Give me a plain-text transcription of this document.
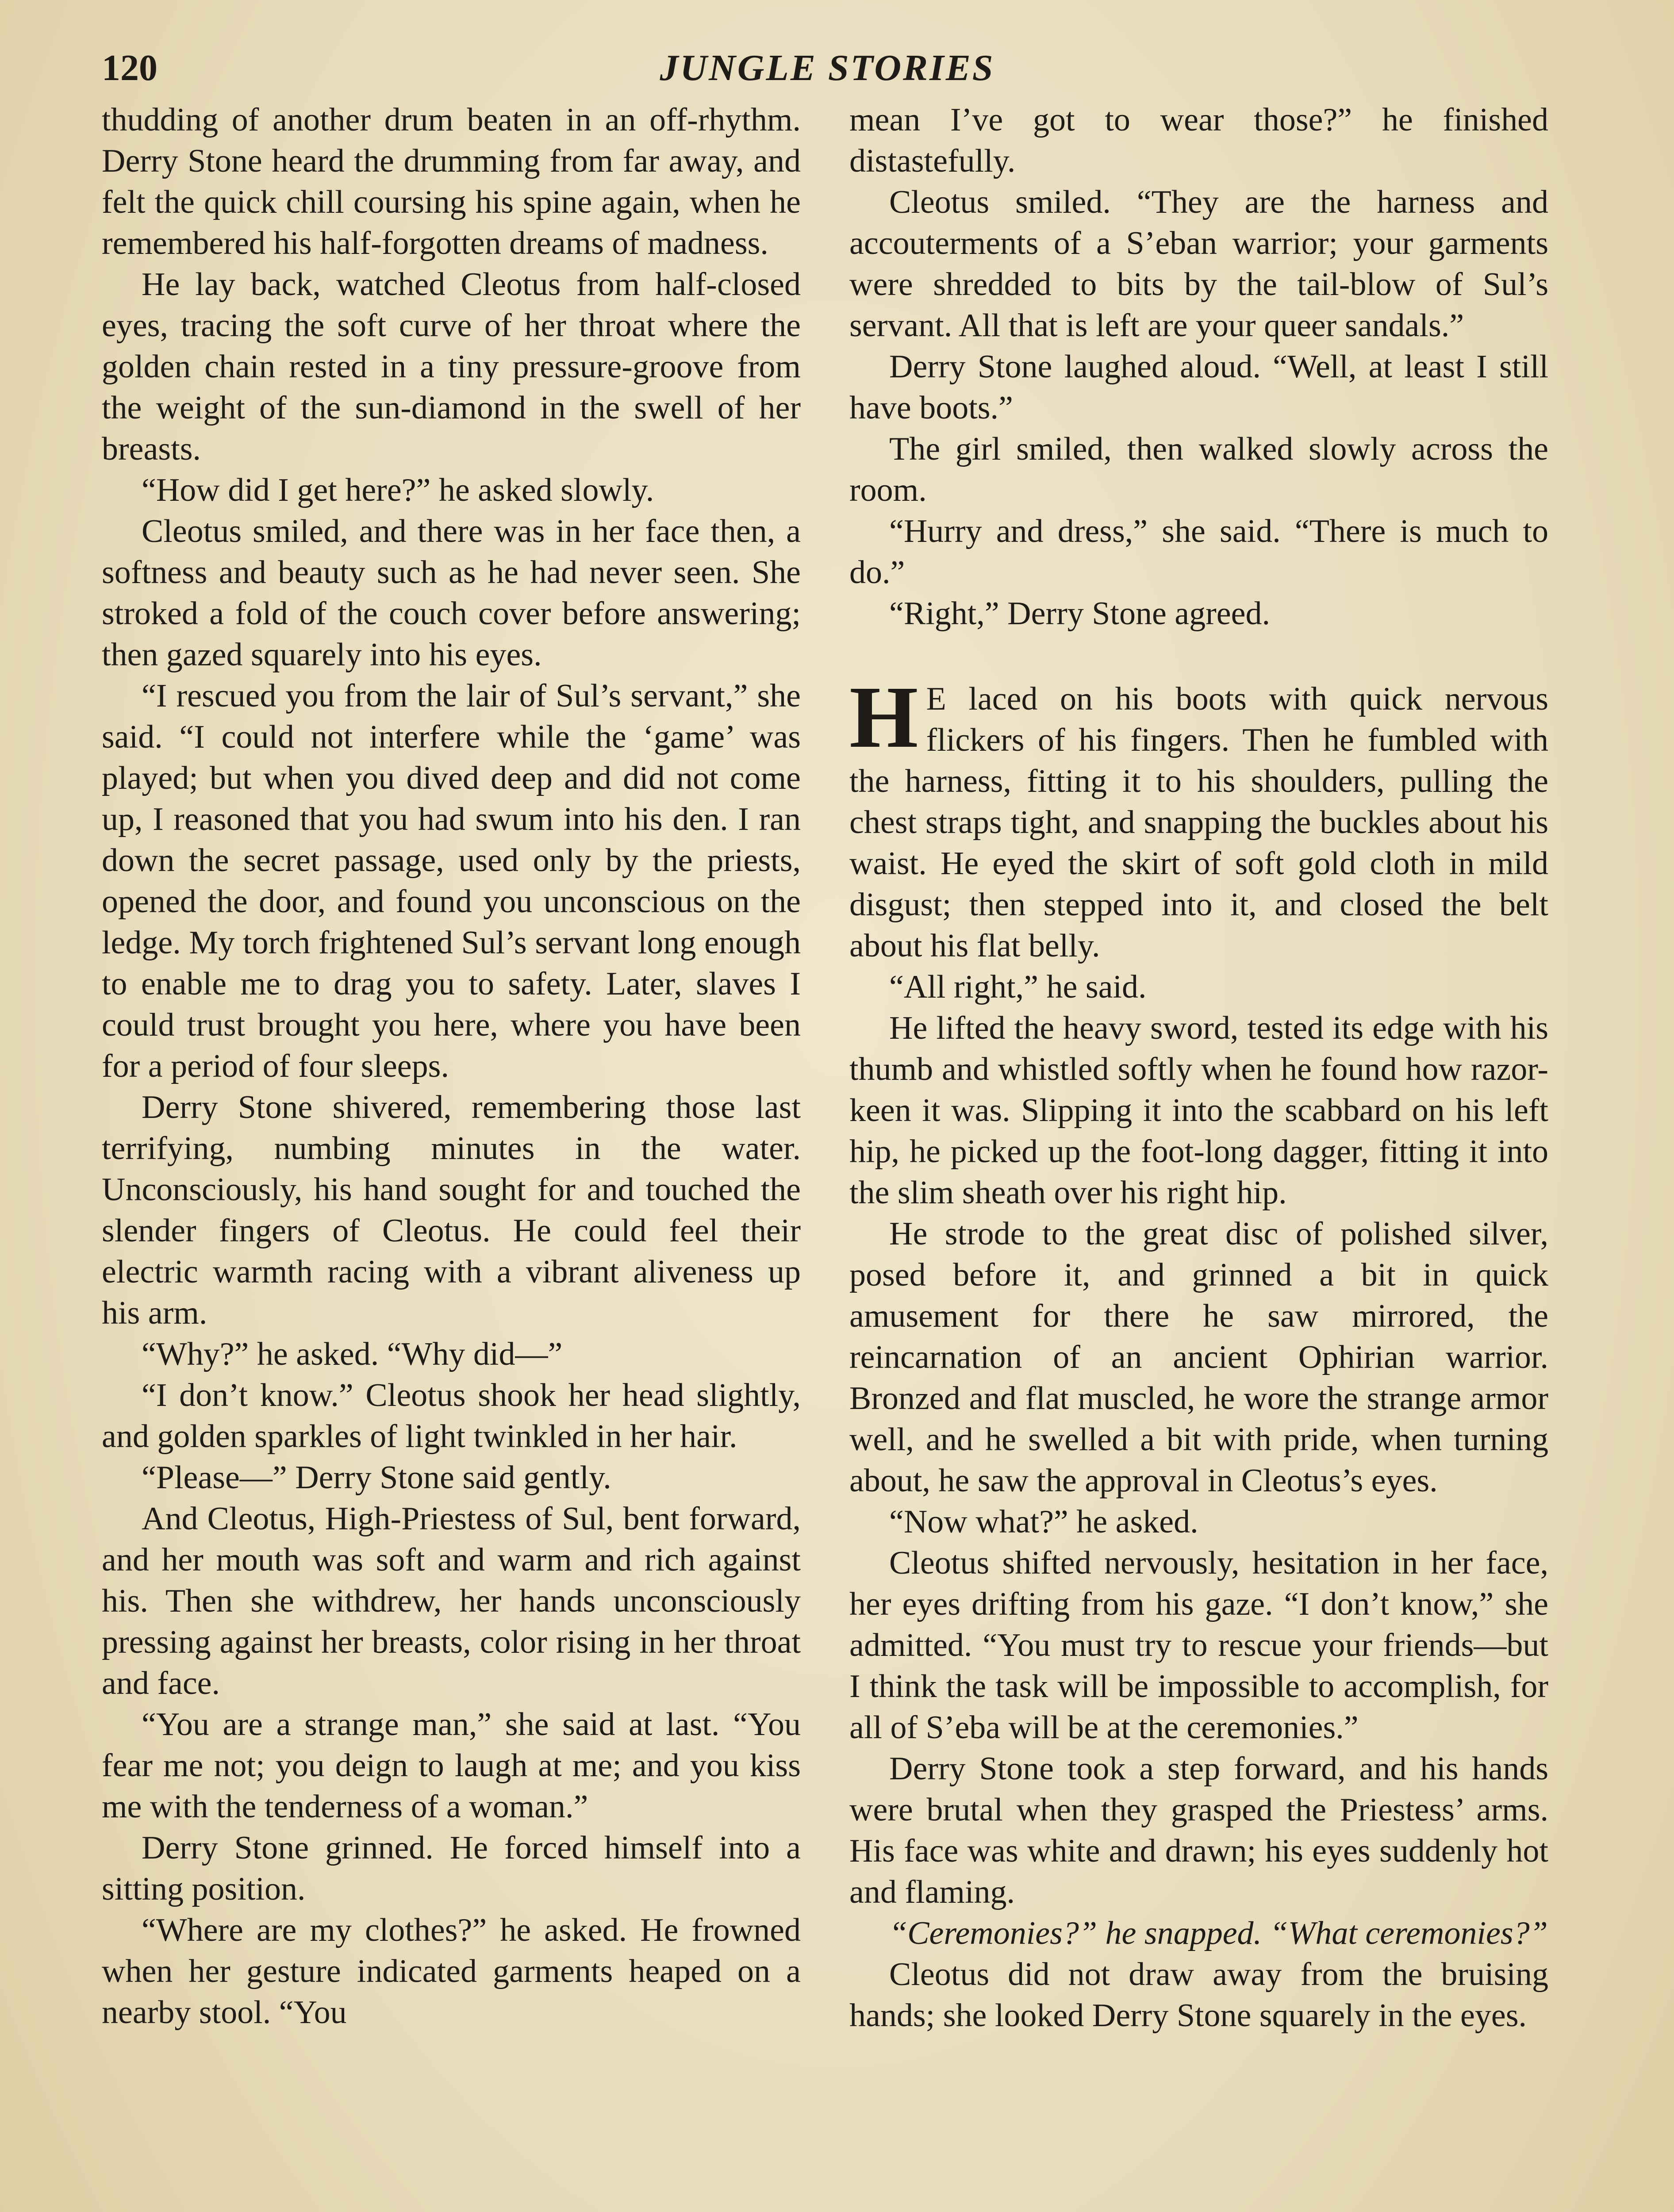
120	JUNGLE STORIES

thudding of another drum beaten in an off-rhythm. Derry Stone heard the drumming from far away, and felt the quick chill coursing his spine again, when he remembered his half-forgotten dreams of madness.

He lay back, watched Cleotus from half-closed eyes, tracing the soft curve of her throat where the golden chain rested in a tiny pressure-groove from the weight of the sun-diamond in the swell of her breasts.

“How did I get here?” he asked slowly.

Cleotus smiled, and there was in her face then, a softness and beauty such as he had never seen. She stroked a fold of the couch cover before answering; then gazed squarely into his eyes.

“I rescued you from the lair of Sul’s servant,” she said. “I could not interfere while the ‘game’ was played; but when you dived deep and did not come up, I reasoned that you had swum into his den. I ran down the secret passage, used only by the priests, opened the door, and found you unconscious on the ledge. My torch frightened Sul’s servant long enough to enable me to drag you to safety. Later, slaves I could trust brought you here, where you have been for a period of four sleeps.

Derry Stone shivered, remembering those last terrifying, numbing minutes in the water. Unconsciously, his hand sought for and touched the slender fingers of Cleotus. He could feel their electric warmth racing with a vibrant aliveness up his arm.

“Why?” he asked. “Why did—”

“I don’t know.” Cleotus shook her head slightly, and golden sparkles of light twinkled in her hair.

“Please—” Derry Stone said gently.

And Cleotus, High-Priestess of Sul, bent forward, and her mouth was soft and warm and rich against his. Then she withdrew, her hands unconsciously pressing against her breasts, color rising in her throat and face.

“You are a strange man,” she said at last. “You fear me not; you deign to laugh at me; and you kiss me with the tenderness of a woman.”

Derry Stone grinned. He forced himself into a sitting position.

“Where are my clothes?” he asked. He frowned when her gesture indicated garments heaped on a nearby stool. “You

mean I’ve got to wear those?” he finished distastefully.

Cleotus smiled. “They are the harness and accouterments of a S’eban warrior; your garments were shredded to bits by the tail-blow of Sul’s servant. All that is left are your queer sandals.”

Derry Stone laughed aloud. “Well, at least I still have boots.”

The girl smiled, then walked slowly across the room.

“Hurry and dress,” she said. “There is much to do.”

“Right,” Derry Stone agreed.

H E laced on his boots with quick nervous flickers of his fingers. Then he fumbled with the harness, fitting it to his shoulders, pulling the chest straps tight, and snapping the buckles about his waist. He eyed the skirt of soft gold cloth in mild disgust; then stepped into it, and closed the belt about his flat belly.

“All right,” he said.

He lifted the heavy sword, tested its edge with his thumb and whistled softly when he found how razor-keen it was. Slipping it into the scabbard on his left hip, he picked up the foot-long dagger, fitting it into the slim sheath over his right hip.

He strode to the great disc of polished silver, posed before it, and grinned a bit in quick amusement for there he saw mirrored, the reincarnation of an ancient Ophirian warrior. Bronzed and flat muscled, he wore the strange armor well, and he swelled a bit with pride, when turning about, he saw the approval in Cleotus’s eyes.

“Now what?” he asked.

Cleotus shifted nervously, hesitation in her face, her eyes drifting from his gaze. “I don’t know,” she admitted. “You must try to rescue your friends—but I think the task will be impossible to accomplish, for all of S’eba will be at the ceremonies.”

Derry Stone took a step forward, and his hands were brutal when they grasped the Priestess’ arms. His face was white and drawn; his eyes suddenly hot and flaming.

“Ceremonies?” he snapped. “What ceremonies?”

Cleotus did not draw away from the bruising hands; she looked Derry Stone squarely in the eyes.
